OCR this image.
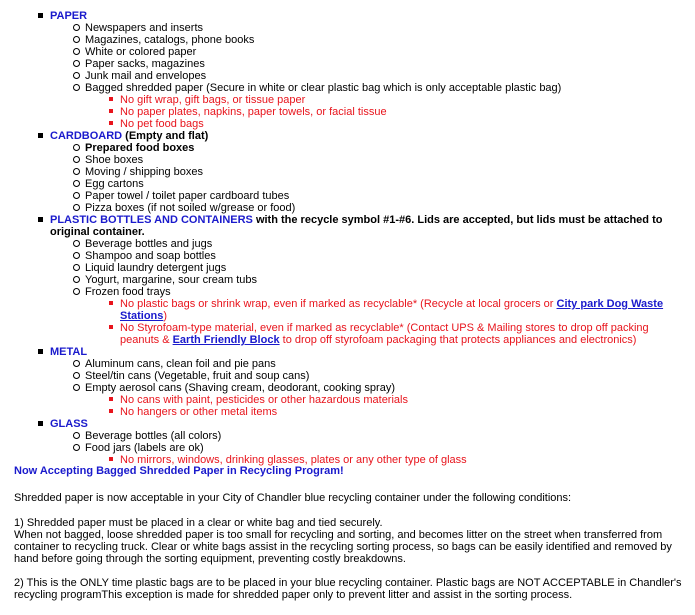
PAPER
Newspapers and inserts
Magazines, catalogs, phone books
White or colored paper
Paper sacks, magazines
Junk mail and envelopes
Bagged shredded paper (Secure in white or clear plastic bag which is only acceptable plastic bag)
No gift wrap, gift bags, or tissue paper
No paper plates, napkins, paper towels, or facial tissue
No pet food bags
CARDBOARD (Empty and flat)
Prepared food boxes
Shoe boxes
Moving / shipping boxes
Egg cartons
Paper towel / toilet paper cardboard tubes
Pizza boxes (if not soiled w/grease or food)
PLASTIC BOTTLES AND CONTAINERS with the recycle symbol #1-#6. Lids are accepted, but lids must be attached to original container.
Beverage bottles and jugs
Shampoo and soap bottles
Liquid laundry detergent jugs
Yogurt, margarine, sour cream tubs
Frozen food trays
No plastic bags or shrink wrap, even if marked as recyclable* (Recycle at local grocers or City park Dog Waste Stations)
No Styrofoam-type material, even if marked as recyclable* (Contact UPS & Mailing stores to drop off packing peanuts & Earth Friendly Block to drop off styrofoam packaging that protects appliances and electronics)
METAL
Aluminum cans, clean foil and pie pans
Steel/tin cans (Vegetable, fruit and soup cans)
Empty aerosol cans (Shaving cream, deodorant, cooking spray)
No cans with paint, pesticides or other hazardous materials
No hangers or other metal items
GLASS
Beverage bottles (all colors)
Food jars (labels are ok)
No mirrors, windows, drinking glasses, plates or any other type of glass
Now Accepting Bagged Shredded Paper in Recycling Program!
Shredded paper is now acceptable in your City of Chandler blue recycling container under the following conditions:
1) Shredded paper must be placed in a clear or white bag and tied securely.
When not bagged, loose shredded paper is too small for recycling and sorting, and becomes litter on the street when transferred from container to recycling truck. Clear or white bags assist in the recycling sorting process, so bags can be easily identified and removed by hand before going through the sorting equipment, preventing costly breakdowns.
2) This is the ONLY time plastic bags are to be placed in your blue recycling container. Plastic bags are NOT ACCEPTABLE in Chandler's recycling programThis exception is made for shredded paper only to prevent litter and assist in the sorting process.
